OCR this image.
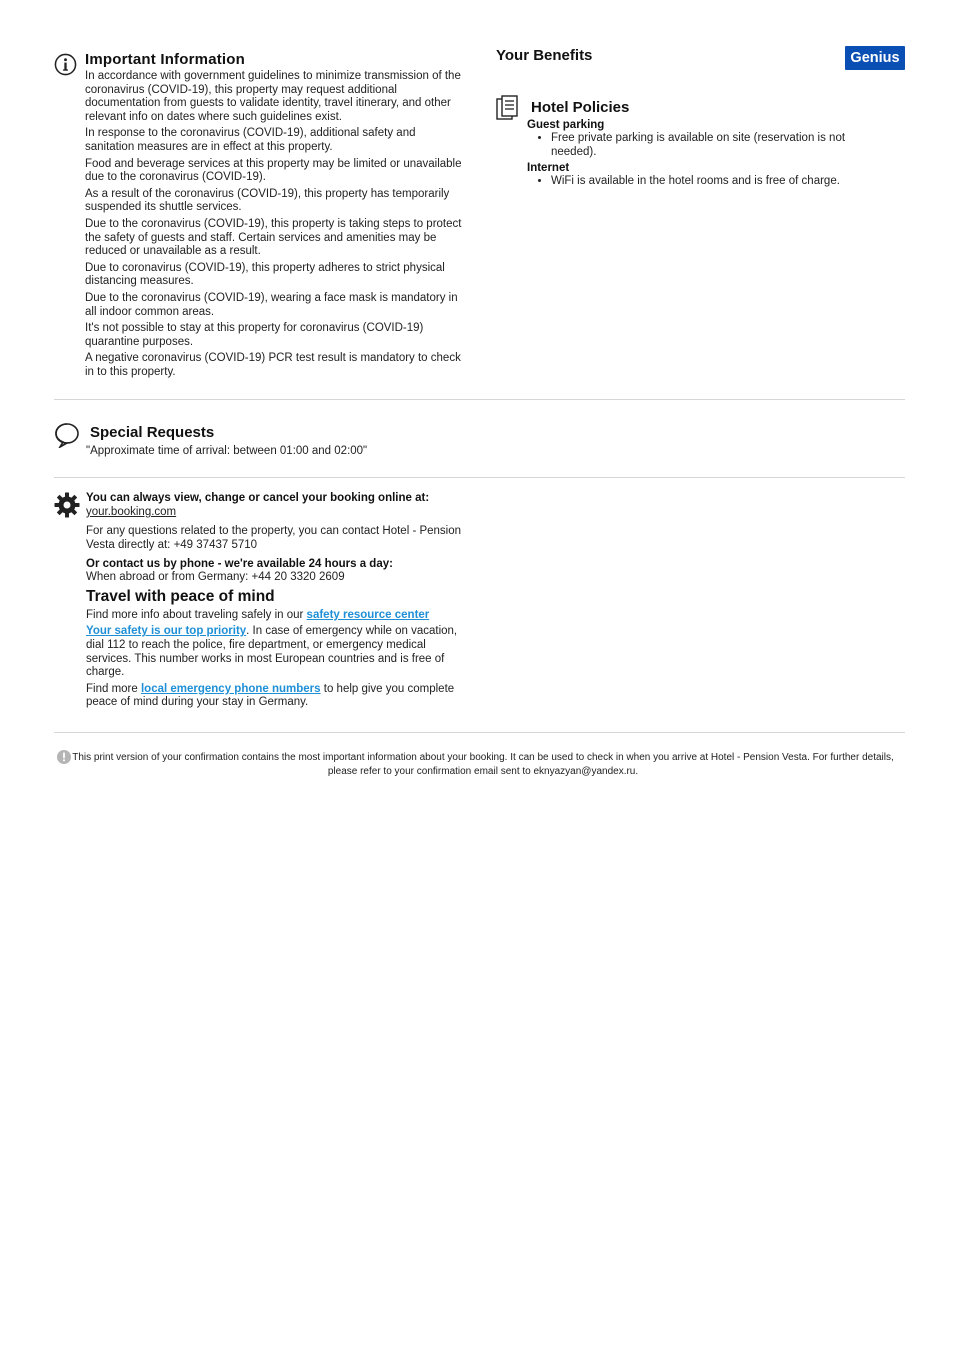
Important Information

In accordance with government guidelines to minimize transmission of the coronavirus (COVID-19), this property may request additional documentation from guests to validate identity, travel itinerary, and other relevant info on dates where such guidelines exist.

In response to the coronavirus (COVID-19), additional safety and sanitation measures are in effect at this property.

Food and beverage services at this property may be limited or unavailable due to the coronavirus (COVID-19).

As a result of the coronavirus (COVID-19), this property has temporarily suspended its shuttle services.

Due to the coronavirus (COVID-19), this property is taking steps to protect the safety of guests and staff. Certain services and amenities may be reduced or unavailable as a result.

Due to coronavirus (COVID-19), this property adheres to strict physical distancing measures.

Due to the coronavirus (COVID-19), wearing a face mask is mandatory in all indoor common areas.

It's not possible to stay at this property for coronavirus (COVID-19) quarantine purposes.

A negative coronavirus (COVID-19) PCR test result is mandatory to check in to this property.

Your Benefits	Genius
Hotel Policies

Guest parking

• Free private parking is available on site (reservation is not needed).

Internet

• WiFi is available in the hotel rooms and is free of charge.
Special Requests
"Approximate time of arrival: between 01:00 and 02:00"

You can always view, change or cancel your booking online at:

your.booking.com

For any questions related to the property, you can contact Hotel - Pension Vesta directly at: +49 37437 5710

Or contact us by phone - we're available 24 hours a day:

When abroad or from Germany: +44 20 3320 2609

Travel with peace of mind

Find more info about traveling safely in our safety resource center

Your safety is our top priority. In case of emergency while on vacation, dial 112 to reach the police, fire department, or emergency medical services. This number works in most European countries and is free of charge.

Find more local emergency phone numbers to help give you complete peace of mind during your stay in Germany.

This print version of your confirmation contains the most important information about your booking. It can be used to check in when you arrive at Hotel - Pension Vesta. For further details, please refer to your confirmation email sent to eknyazyan@yandex.ru.
